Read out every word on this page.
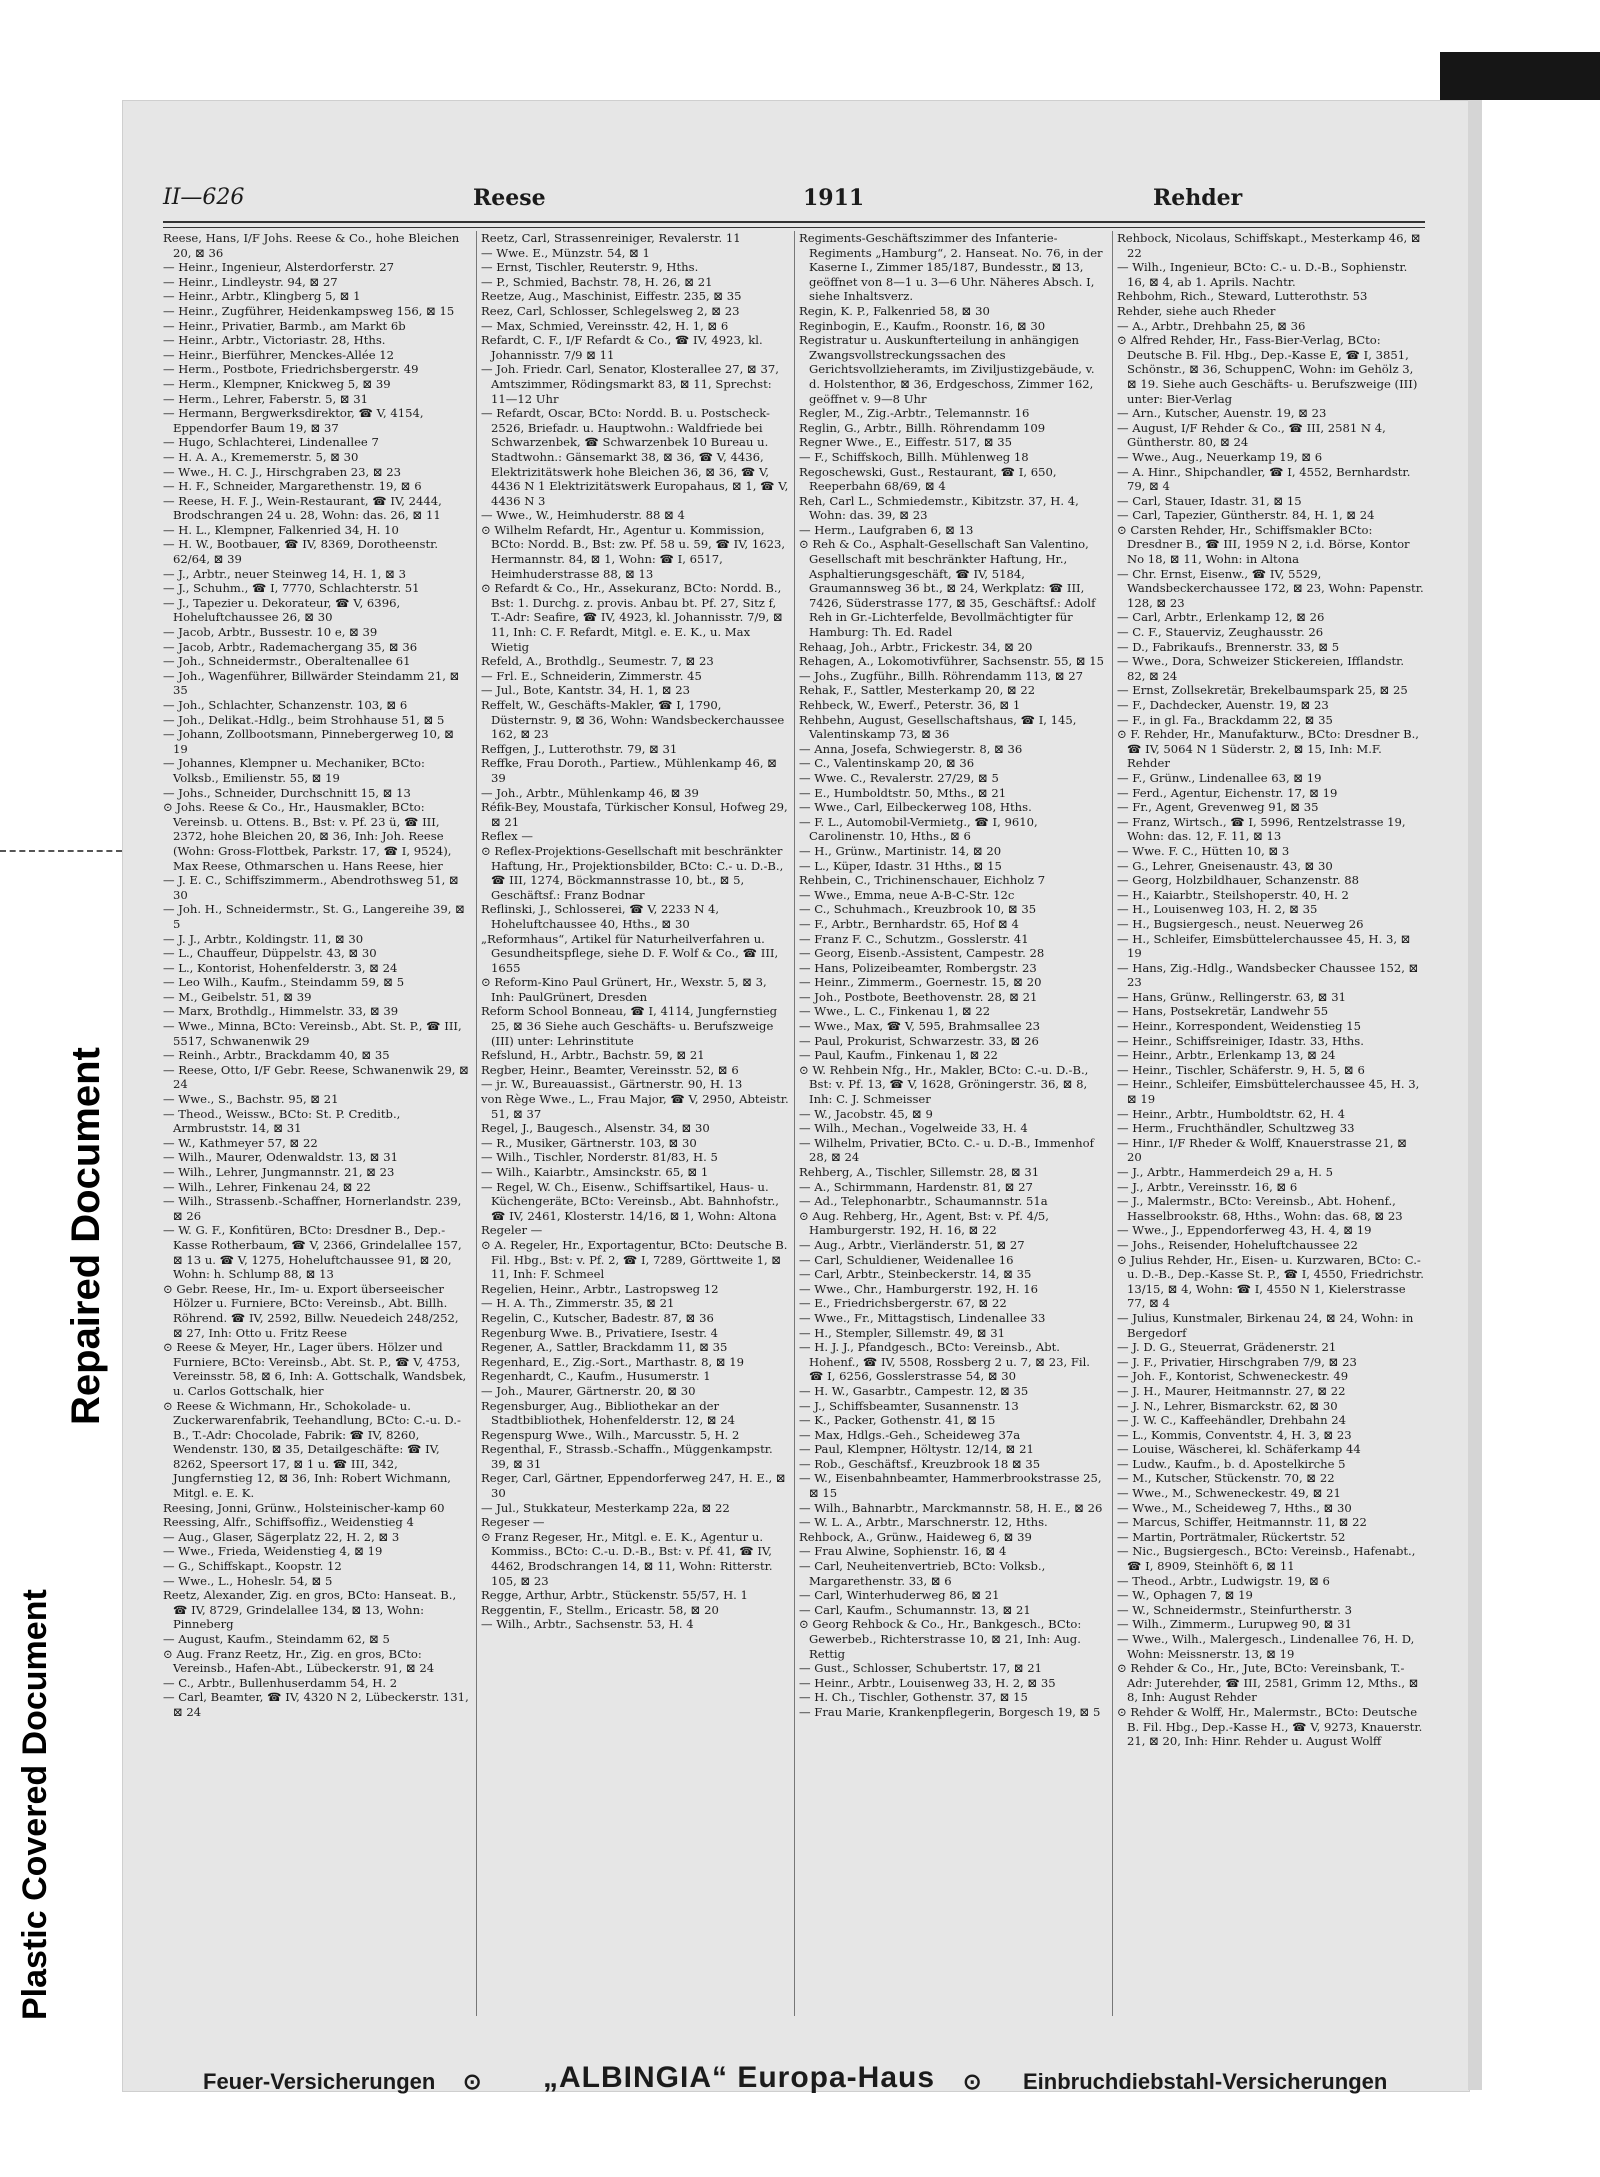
Plastic Covered Document
Repaired Document
II—626	Reese	1911	Rehder

Reese, Hans, I/F Johs. Reese & Co., hohe Bleichen 20, ⊠ 36

— Heinr., Ingenieur, Alsterdorferstr. 27

— Heinr., Lindleystr. 94, ⊠ 27

— Heinr., Arbtr., Klingberg 5, ⊠ 1

— Heinr., Zugführer, Heidenkampsweg 156, ⊠ 15

— Heinr., Privatier, Barmb., am Markt 6b

— Heinr., Arbtr., Victoriastr. 28, Hths.

— Heinr., Bierführer, Menckes-Allée 12

— Herm., Postbote, Friedrichsbergerstr. 49

— Herm., Klempner, Knickweg 5, ⊠ 39

— Herm., Lehrer, Faberstr. 5, ⊠ 31

— Hermann, Bergwerksdirektor, ☎ V, 4154, Eppendorfer Baum 19, ⊠ 37

— Hugo, Schlachterei, Lindenallee 7

— H. A. A., Krememerstr. 5, ⊠ 30

— Wwe., H. C. J., Hirschgraben 23, ⊠ 23

— H. F., Schneider, Margarethenstr. 19, ⊠ 6

— Reese, H. F. J., Wein-Restaurant, ☎ IV, 2444, Brodschrangen 24 u. 28, Wohn: das. 26, ⊠ 11

— H. L., Klempner, Falkenried 34, H. 10

— H. W., Bootbauer, ☎ IV, 8369, Dorotheenstr. 62/64, ⊠ 39

— J., Arbtr., neuer Steinweg 14, H. 1, ⊠ 3

— J., Schuhm., ☎ I, 7770, Schlachterstr. 51

— J., Tapezier u. Dekorateur, ☎ V, 6396, Hoheluftchaussee 26, ⊠ 30

— Jacob, Arbtr., Bussestr. 10 e, ⊠ 39

— Jacob, Arbtr., Rademachergang 35, ⊠ 36

— Joh., Schneidermstr., Oberaltenallee 61

— Joh., Wagenführer, Billwärder Steindamm 21, ⊠ 35

— Joh., Schlachter, Schanzenstr. 103, ⊠ 6

— Joh., Delikat.-Hdlg., beim Strohhause 51, ⊠ 5

— Johann, Zollbootsmann, Pinnebergerweg 10, ⊠ 19

— Johannes, Klempner u. Mechaniker, BCto: Volksb., Emilienstr. 55, ⊠ 19

— Johs., Schneider, Durchschnitt 15, ⊠ 13

⊙ Johs. Reese & Co., Hr., Hausmakler, BCto: Vereinsb. u. Ottens. B., Bst: v. Pf. 23 ü, ☎ III, 2372, hohe Bleichen 20, ⊠ 36, Inh: Joh. Reese (Wohn: Gross-Flottbek, Parkstr. 17, ☎ I, 9524), Max Reese, Othmarschen u. Hans Reese, hier

— J. E. C., Schiffszimmerm., Abendrothsweg 51, ⊠ 30

— Joh. H., Schneidermstr., St. G., Langereihe 39, ⊠ 5

— J. J., Arbtr., Koldingstr. 11, ⊠ 30

— L., Chauffeur, Düppelstr. 43, ⊠ 30

— L., Kontorist, Hohenfelderstr. 3, ⊠ 24

— Leo Wilh., Kaufm., Steindamm 59, ⊠ 5

— M., Geibelstr. 51, ⊠ 39

— Marx, Brothdlg., Himmelstr. 33, ⊠ 39

— Wwe., Minna, BCto: Vereinsb., Abt. St. P., ☎ III, 5517, Schwanenwik 29

— Reinh., Arbtr., Brackdamm 40, ⊠ 35

— Reese, Otto, I/F Gebr. Reese, Schwanenwik 29, ⊠ 24

— Wwe., S., Bachstr. 95, ⊠ 21

— Theod., Weissw., BCto: St. P. Creditb., Armbruststr. 14, ⊠ 31

— W., Kathmeyer 57, ⊠ 22

— Wilh., Maurer, Odenwaldstr. 13, ⊠ 31

— Wilh., Lehrer, Jungmannstr. 21, ⊠ 23

— Wilh., Lehrer, Finkenau 24, ⊠ 22

— Wilh., Strassenb.-Schaffner, Hornerlandstr. 239, ⊠ 26

— W. G. F., Konfitüren, BCto: Dresdner B., Dep.-Kasse Rotherbaum, ☎ V, 2366, Grindelallee 157, ⊠ 13 u. ☎ V, 1275, Hoheluftchaussee 91, ⊠ 20, Wohn: h. Schlump 88, ⊠ 13

⊙ Gebr. Reese, Hr., Im- u. Export überseeischer Hölzer u. Furniere, BCto: Vereinsb., Abt. Billh. Röhrend. ☎ IV, 2592, Billw. Neuedeich 248/252, ⊠ 27, Inh: Otto u. Fritz Reese

⊙ Reese & Meyer, Hr., Lager übers. Hölzer und Furniere, BCto: Vereinsb., Abt. St. P., ☎ V, 4753, Vereinsstr. 58, ⊠ 6, Inh: A. Gottschalk, Wandsbek, u. Carlos Gottschalk, hier

⊙ Reese & Wichmann, Hr., Schokolade- u. Zuckerwarenfabrik, Teehandlung, BCto: C.-u. D.-B., T.-Adr: Chocolade, Fabrik: ☎ IV, 8260, Wendenstr. 130, ⊠ 35, Detailgeschäfte: ☎ IV, 8262, Speersort 17, ⊠ 1 u. ☎ III, 342, Jungfernstieg 12, ⊠ 36, Inh: Robert Wichmann, Mitgl. e. E. K.

Reesing, Jonni, Grünw., Holsteinischer-kamp 60

Reessing, Alfr., Schiffsoffiz., Weidenstieg 4

— Aug., Glaser, Sägerplatz 22, H. 2, ⊠ 3

— Wwe., Frieda, Weidenstieg 4, ⊠ 19

— G., Schiffskapt., Koopstr. 12

— Wwe., L., Hoheslr. 54, ⊠ 5

Reetz, Alexander, Zig. en gros, BCto: Hanseat. B., ☎ IV, 8729, Grindelallee 134, ⊠ 13, Wohn: Pinneberg

— August, Kaufm., Steindamm 62, ⊠ 5

⊙ Aug. Franz Reetz, Hr., Zig. en gros, BCto: Vereinsb., Hafen-Abt., Lübeckerstr. 91, ⊠ 24

— C., Arbtr., Bullenhuserdamm 54, H. 2

— Carl, Beamter, ☎ IV, 4320 N 2, Lübeckerstr. 131, ⊠ 24

Reetz, Carl, Strassenreiniger, Revalerstr. 11

— Wwe. E., Münzstr. 54, ⊠ 1

— Ernst, Tischler, Reuterstr. 9, Hths.

— P., Schmied, Bachstr. 78, H. 26, ⊠ 21

Reetze, Aug., Maschinist, Eiffestr. 235, ⊠ 35

Reez, Carl, Schlosser, Schlegelsweg 2, ⊠ 23

— Max, Schmied, Vereinsstr. 42, H. 1, ⊠ 6

Refardt, C. F., I/F Refardt & Co., ☎ IV, 4923, kl. Johannisstr. 7/9 ⊠ 11

— Joh. Friedr. Carl, Senator, Klosterallee 27, ⊠ 37, Amtszimmer, Rödingsmarkt 83, ⊠ 11, Sprechst: 11—12 Uhr

— Refardt, Oscar, BCto: Nordd. B. u. Postscheck- 2526, Briefadr. u. Hauptwohn.: Waldfriede bei Schwarzenbek, ☎ Schwarzenbek 10 Bureau u. Stadtwohn.: Gänsemarkt 38, ⊠ 36, ☎ V, 4436, Elektrizitätswerk hohe Bleichen 36, ⊠ 36, ☎ V, 4436 N 1 Elektrizitätswerk Europahaus, ⊠ 1, ☎ V, 4436 N 3

— Wwe., W., Heimhuderstr. 88 ⊠ 4

⊙ Wilhelm Refardt, Hr., Agentur u. Kommission, BCto: Nordd. B., Bst: zw. Pf. 58 u. 59, ☎ IV, 1623, Hermannstr. 84, ⊠ 1, Wohn: ☎ I, 6517, Heimhuderstrasse 88, ⊠ 13

⊙ Refardt & Co., Hr., Assekuranz, BCto: Nordd. B., Bst: 1. Durchg. z. provis. Anbau bt. Pf. 27, Sitz f, T.-Adr: Seafire, ☎ IV, 4923, kl. Johannisstr. 7/9, ⊠ 11, Inh: C. F. Refardt, Mitgl. e. E. K., u. Max Wietig

Refeld, A., Brothdlg., Seumestr. 7, ⊠ 23

— Frl. E., Schneiderin, Zimmerstr. 45

— Jul., Bote, Kantstr. 34, H. 1, ⊠ 23

Reffelt, W., Geschäfts-Makler, ☎ I, 1790, Düsternstr. 9, ⊠ 36, Wohn: Wandsbeckerchaussee 162, ⊠ 23

Reffgen, J., Lutterothstr. 79, ⊠ 31

Reffke, Frau Doroth., Partiew., Mühlenkamp 46, ⊠ 39

— Joh., Arbtr., Mühlenkamp 46, ⊠ 39

Réfik-Bey, Moustafa, Türkischer Konsul, Hofweg 29, ⊠ 21

Reflex —

⊙ Reflex-Projektions-Gesellschaft mit beschränkter Haftung, Hr., Projektionsbilder, BCto: C.- u. D.-B., ☎ III, 1274, Böckmannstrasse 10, bt., ⊠ 5, Geschäftsf.: Franz Bodnar

Reflinski, J., Schlosserei, ☎ V, 2233 N 4, Hoheluftchaussee 40, Hths., ⊠ 30

„Reformhaus“, Artikel für Naturheilverfahren u. Gesundheitspflege, siehe D. F. Wolf & Co., ☎ III, 1655

⊙ Reform-Kino Paul Grünert, Hr., Wexstr. 5, ⊠ 3, Inh: PaulGrünert, Dresden

Reform School Bonneau, ☎ I, 4114, Jungfernstieg 25, ⊠ 36 Siehe auch Geschäfts- u. Berufszweige (III) unter: Lehrinstitute

Refslund, H., Arbtr., Bachstr. 59, ⊠ 21

Regber, Heinr., Beamter, Vereinsstr. 52, ⊠ 6

— jr. W., Bureauassist., Gärtnerstr. 90, H. 13

von Rège Wwe., L., Frau Major, ☎ V, 2950, Abteistr. 51, ⊠ 37

Regel, J., Baugesch., Alsenstr. 34, ⊠ 30

— R., Musiker, Gärtnerstr. 103, ⊠ 30

— Wilh., Tischler, Norderstr. 81/83, H. 5

— Wilh., Kaiarbtr., Amsinckstr. 65, ⊠ 1

— Regel, W. Ch., Eisenw., Schiffsartikel, Haus- u. Küchengeräte, BCto: Vereinsb., Abt. Bahnhofstr., ☎ IV, 2461, Klosterstr. 14/16, ⊠ 1, Wohn: Altona

Regeler —

⊙ A. Regeler, Hr., Exportagentur, BCto: Deutsche B. Fil. Hbg., Bst: v. Pf. 2, ☎ I, 7289, Görttweite 1, ⊠ 11, Inh: F. Schmeel

Regelien, Heinr., Arbtr., Lastropsweg 12

— H. A. Th., Zimmerstr. 35, ⊠ 21

Regelin, C., Kutscher, Badestr. 87, ⊠ 36

Regenburg Wwe. B., Privatiere, Isestr. 4

Regener, A., Sattler, Brackdamm 11, ⊠ 35

Regenhard, E., Zig.-Sort., Marthastr. 8, ⊠ 19

Regenhardt, C., Kaufm., Husumerstr. 1

— Joh., Maurer, Gärtnerstr. 20, ⊠ 30

Regensburger, Aug., Bibliothekar an der Stadtbibliothek, Hohenfelderstr. 12, ⊠ 24

Regenspurg Wwe., Wilh., Marcusstr. 5, H. 2

Regenthal, F., Strassb.-Schaffn., Müggenkampstr. 39, ⊠ 31

Reger, Carl, Gärtner, Eppendorferweg 247, H. E., ⊠ 30

— Jul., Stukkateur, Mesterkamp 22a, ⊠ 22

Regeser —

⊙ Franz Regeser, Hr., Mitgl. e. E. K., Agentur u. Kommiss., BCto: C.-u. D.-B., Bst: v. Pf. 41, ☎ IV, 4462, Brodschrangen 14, ⊠ 11, Wohn: Ritterstr. 105, ⊠ 23

Regge, Arthur, Arbtr., Stückenstr. 55/57, H. 1

Reggentin, F., Stellm., Ericastr. 58, ⊠ 20

— Wilh., Arbtr., Sachsenstr. 53, H. 4

Regiments-Geschäftszimmer des Infanterie-Regiments „Hamburg“, 2. Hanseat. No. 76, in der Kaserne I., Zimmer 185/187, Bundesstr., ⊠ 13, geöffnet von 8—1 u. 3—6 Uhr. Näheres Absch. I, siehe Inhaltsverz.

Regin, K. P., Falkenried 58, ⊠ 30

Reginbogin, E., Kaufm., Roonstr. 16, ⊠ 30

Registratur u. Auskunfterteilung in anhängigen Zwangsvollstreckungssachen des Gerichtsvollzieheramts, im Ziviljustizgebäude, v. d. Holstenthor, ⊠ 36, Erdgeschoss, Zimmer 162, geöffnet v. 9—8 Uhr

Regler, M., Zig.-Arbtr., Telemannstr. 16

Reglin, G., Arbtr., Billh. Röhrendamm 109

Regner Wwe., E., Eiffestr. 517, ⊠ 35

— F., Schiffskoch, Billh. Mühlenweg 18

Regoschewski, Gust., Restaurant, ☎ I, 650, Reeperbahn 68/69, ⊠ 4

Reh, Carl L., Schmiedemstr., Kibitzstr. 37, H. 4, Wohn: das. 39, ⊠ 23

— Herm., Laufgraben 6, ⊠ 13

⊙ Reh & Co., Asphalt-Gesellschaft San Valentino, Gesellschaft mit beschränkter Haftung, Hr., Asphaltierungsgeschäft, ☎ IV, 5184, Graumannsweg 36 bt., ⊠ 24, Werkplatz: ☎ III, 7426, Süderstrasse 177, ⊠ 35, Geschäftsf.: Adolf Reh in Gr.-Lichterfelde, Bevollmächtigter für Hamburg: Th. Ed. Radel

Rehaag, Joh., Arbtr., Frickestr. 34, ⊠ 20

Rehagen, A., Lokomotivführer, Sachsenstr. 55, ⊠ 15

— Johs., Zugführ., Billh. Röhrendamm 113, ⊠ 27

Rehak, F., Sattler, Mesterkamp 20, ⊠ 22

Rehbeck, W., Ewerf., Peterstr. 36, ⊠ 1

Rehbehn, August, Gesellschaftshaus, ☎ I, 145, Valentinskamp 73, ⊠ 36

— Anna, Josefa, Schwiegerstr. 8, ⊠ 36

— C., Valentinskamp 20, ⊠ 36

— Wwe. C., Revalerstr. 27/29, ⊠ 5

— E., Humboldtstr. 50, Mths., ⊠ 21

— Wwe., Carl, Eilbeckerweg 108, Hths.

— F. L., Automobil-Vermietg., ☎ I, 9610, Carolinenstr. 10, Hths., ⊠ 6

— H., Grünw., Martinistr. 14, ⊠ 20

— L., Küper, Idastr. 31 Hths., ⊠ 15

Rehbein, C., Trichinenschauer, Eichholz 7

— Wwe., Emma, neue A-B-C-Str. 12c

— C., Schuhmach., Kreuzbrook 10, ⊠ 35

— F., Arbtr., Bernhardstr. 65, Hof ⊠ 4

— Franz F. C., Schutzm., Gosslerstr. 41

— Georg, Eisenb.-Assistent, Campestr. 28

— Hans, Polizeibeamter, Rombergstr. 23

— Heinr., Zimmerm., Goernestr. 15, ⊠ 20

— Joh., Postbote, Beethovenstr. 28, ⊠ 21

— Wwe., L. C., Finkenau 1, ⊠ 22

— Wwe., Max, ☎ V, 595, Brahmsallee 23

— Paul, Prokurist, Schwarzestr. 33, ⊠ 26

— Paul, Kaufm., Finkenau 1, ⊠ 22

⊙ W. Rehbein Nfg., Hr., Makler, BCto: C.-u. D.-B., Bst: v. Pf. 13, ☎ V, 1628, Gröningerstr. 36, ⊠ 8, Inh: C. J. Schmeisser

— W., Jacobstr. 45, ⊠ 9

— Wilh., Mechan., Vogelweide 33, H. 4

— Wilhelm, Privatier, BCto. C.- u. D.-B., Immenhof 28, ⊠ 24

Rehberg, A., Tischler, Sillemstr. 28, ⊠ 31

— A., Schirmmann, Hardenstr. 81, ⊠ 27

— Ad., Telephonarbtr., Schaumannstr. 51a

⊙ Aug. Rehberg, Hr., Agent, Bst: v. Pf. 4/5, Hamburgerstr. 192, H. 16, ⊠ 22

— Aug., Arbtr., Vierländerstr. 51, ⊠ 27

— Carl, Schuldiener, Weidenallee 16

— Carl, Arbtr., Steinbeckerstr. 14, ⊠ 35

— Wwe., Chr., Hamburgerstr. 192, H. 16

— E., Friedrichsbergerstr. 67, ⊠ 22

— Wwe., Fr., Mittagstisch, Lindenallee 33

— H., Stempler, Sillemstr. 49, ⊠ 31

— H. J. J., Pfandgesch., BCto: Vereinsb., Abt. Hohenf., ☎ IV, 5508, Rossberg 2 u. 7, ⊠ 23, Fil. ☎ I, 6256, Gosslerstrasse 54, ⊠ 30

— H. W., Gasarbtr., Campestr. 12, ⊠ 35

— J., Schiffsbeamter, Susannenstr. 13

— K., Packer, Gothenstr. 41, ⊠ 15

— Max, Hdlgs.-Geh., Scheideweg 37a

— Paul, Klempner, Höltystr. 12/14, ⊠ 21

— Rob., Geschäftsf., Kreuzbrook 18 ⊠ 35

— W., Eisenbahnbeamter, Hammerbrookstrasse 25, ⊠ 15

— Wilh., Bahnarbtr., Marckmannstr. 58, H. E., ⊠ 26

— W. L. A., Arbtr., Marschnerstr. 12, Hths.

Rehbock, A., Grünw., Haideweg 6, ⊠ 39

— Frau Alwine, Sophienstr. 16, ⊠ 4

— Carl, Neuheitenvertrieb, BCto: Volksb., Margarethenstr. 33, ⊠ 6

— Carl, Winterhuderweg 86, ⊠ 21

— Carl, Kaufm., Schumannstr. 13, ⊠ 21

⊙ Georg Rehbock & Co., Hr., Bankgesch., BCto: Gewerbeb., Richterstrasse 10, ⊠ 21, Inh: Aug. Rettig

— Gust., Schlosser, Schubertstr. 17, ⊠ 21

— Heinr., Arbtr., Louisenweg 33, H. 2, ⊠ 35

— H. Ch., Tischler, Gothenstr. 37, ⊠ 15

— Frau Marie, Krankenpflegerin, Borgesch 19, ⊠ 5

Rehbock, Nicolaus, Schiffskapt., Mesterkamp 46, ⊠ 22

— Wilh., Ingenieur, BCto: C.- u. D.-B., Sophienstr. 16, ⊠ 4, ab 1. Aprils. Nachtr.

Rehbohm, Rich., Steward, Lutterothstr. 53

Rehder, siehe auch Rheder

— A., Arbtr., Drehbahn 25, ⊠ 36

⊙ Alfred Rehder, Hr., Fass-Bier-Verlag, BCto: Deutsche B. Fil. Hbg., Dep.-Kasse E, ☎ I, 3851, Schönstr., ⊠ 36, SchuppenC, Wohn: im Gehölz 3, ⊠ 19. Siehe auch Geschäfts- u. Berufszweige (III) unter: Bier-Verlag

— Arn., Kutscher, Auenstr. 19, ⊠ 23

— August, I/F Rehder & Co., ☎ III, 2581 N 4, Güntherstr. 80, ⊠ 24

— Wwe., Aug., Neuerkamp 19, ⊠ 6

— A. Hinr., Shipchandler, ☎ I, 4552, Bernhardstr. 79, ⊠ 4

— Carl, Stauer, Idastr. 31, ⊠ 15

— Carl, Tapezier, Güntherstr. 84, H. 1, ⊠ 24

⊙ Carsten Rehder, Hr., Schiffsmakler BCto: Dresdner B., ☎ III, 1959 N 2, i.d. Börse, Kontor No 18, ⊠ 11, Wohn: in Altona

— Chr. Ernst, Eisenw., ☎ IV, 5529, Wandsbeckerchaussee 172, ⊠ 23, Wohn: Papenstr. 128, ⊠ 23

— Carl, Arbtr., Erlenkamp 12, ⊠ 26

— C. F., Stauerviz, Zeughausstr. 26

— D., Fabrikaufs., Brennerstr. 33, ⊠ 5

— Wwe., Dora, Schweizer Stickereien, Ifflandstr. 82, ⊠ 24

— Ernst, Zollsekretär, Brekelbaumspark 25, ⊠ 25

— F., Dachdecker, Auenstr. 19, ⊠ 23

— F., in gl. Fa., Brackdamm 22, ⊠ 35

⊙ F. Rehder, Hr., Manufakturw., BCto: Dresdner B., ☎ IV, 5064 N 1 Süderstr. 2, ⊠ 15, Inh: M.F. Rehder

— F., Grünw., Lindenallee 63, ⊠ 19

— Ferd., Agentur, Eichenstr. 17, ⊠ 19

— Fr., Agent, Grevenweg 91, ⊠ 35

— Franz, Wirtsch., ☎ I, 5996, Rentzelstrasse 19, Wohn: das. 12, F. 11, ⊠ 13

— Wwe. F. C., Hütten 10, ⊠ 3

— G., Lehrer, Gneisenaustr. 43, ⊠ 30

— Georg, Holzbildhauer, Schanzenstr. 88

— H., Kaiarbtr., Steilshoperstr. 40, H. 2

— H., Louisenweg 103, H. 2, ⊠ 35

— H., Bugsiergesch., neust. Neuerweg 26

— H., Schleifer, Eimsbüttelerchaussee 45, H. 3, ⊠ 19

— Hans, Zig.-Hdlg., Wandsbecker Chaussee 152, ⊠ 23

— Hans, Grünw., Rellingerstr. 63, ⊠ 31

— Hans, Postsekretär, Landwehr 55

— Heinr., Korrespondent, Weidenstieg 15

— Heinr., Schiffsreiniger, Idastr. 33, Hths.

— Heinr., Arbtr., Erlenkamp 13, ⊠ 24

— Heinr., Tischler, Schäferstr. 9, H. 5, ⊠ 6

— Heinr., Schleifer, Eimsbüttelerchaussee 45, H. 3, ⊠ 19

— Heinr., Arbtr., Humboldtstr. 62, H. 4

— Herm., Fruchthändler, Schultzweg 33

— Hinr., I/F Rheder & Wolff, Knauerstrasse 21, ⊠ 20

— J., Arbtr., Hammerdeich 29 a, H. 5

— J., Arbtr., Vereinsstr. 16, ⊠ 6

— J., Malermstr., BCto: Vereinsb., Abt. Hohenf., Hasselbrookstr. 68, Hths., Wohn: das. 68, ⊠ 23

— Wwe., J., Eppendorferweg 43, H. 4, ⊠ 19

— Johs., Reisender, Hoheluftchaussee 22

⊙ Julius Rehder, Hr., Eisen- u. Kurzwaren, BCto: C.- u. D.-B., Dep.-Kasse St. P., ☎ I, 4550, Friedrichstr. 13/15, ⊠ 4, Wohn: ☎ I, 4550 N 1, Kielerstrasse 77, ⊠ 4

— Julius, Kunstmaler, Birkenau 24, ⊠ 24, Wohn: in Bergedorf

— J. D. G., Steuerrat, Grädenerstr. 21

— J. F., Privatier, Hirschgraben 7/9, ⊠ 23

— Joh. F., Kontorist, Schweneckestr. 49

— J. H., Maurer, Heitmannstr. 27, ⊠ 22

— J. N., Lehrer, Bismarckstr. 62, ⊠ 30

— J. W. C., Kaffeehändler, Drehbahn 24

— L., Kommis, Conventstr. 4, H. 3, ⊠ 23

— Louise, Wäscherei, kl. Schäferkamp 44

— Ludw., Kaufm., b. d. Apostelkirche 5

— M., Kutscher, Stückenstr. 70, ⊠ 22

— Wwe., M., Schweneckestr. 49, ⊠ 21

— Wwe., M., Scheideweg 7, Hths., ⊠ 30

— Marcus, Schiffer, Heitmannstr. 11, ⊠ 22

— Martin, Porträtmaler, Rückertstr. 52

— Nic., Bugsiergesch., BCto: Vereinsb., Hafenabt., ☎ I, 8909, Steinhöft 6, ⊠ 11

— Theod., Arbtr., Ludwigstr. 19, ⊠ 6

— W., Ophagen 7, ⊠ 19

— W., Schneidermstr., Steinfurtherstr. 3

— Wilh., Zimmerm., Lurupweg 90, ⊠ 31

— Wwe., Wilh., Malergesch., Lindenallee 76, H. D, Wohn: Meissnerstr. 13, ⊠ 19

⊙ Rehder & Co., Hr., Jute, BCto: Vereinsbank, T.-Adr: Juterehder, ☎ III, 2581, Grimm 12, Mths., ⊠ 8, Inh: August Rehder

⊙ Rehder & Wolff, Hr., Malermstr., BCto: Deutsche B. Fil. Hbg., Dep.-Kasse H., ☎ V, 9273, Knauerstr. 21, ⊠ 20, Inh: Hinr. Rehder u. August Wolff

Feuer-Versicherungen ⊙ „ALBINGIA“ Europa-Haus ⊙ Einbruchdiebstahl-Versicherungen
